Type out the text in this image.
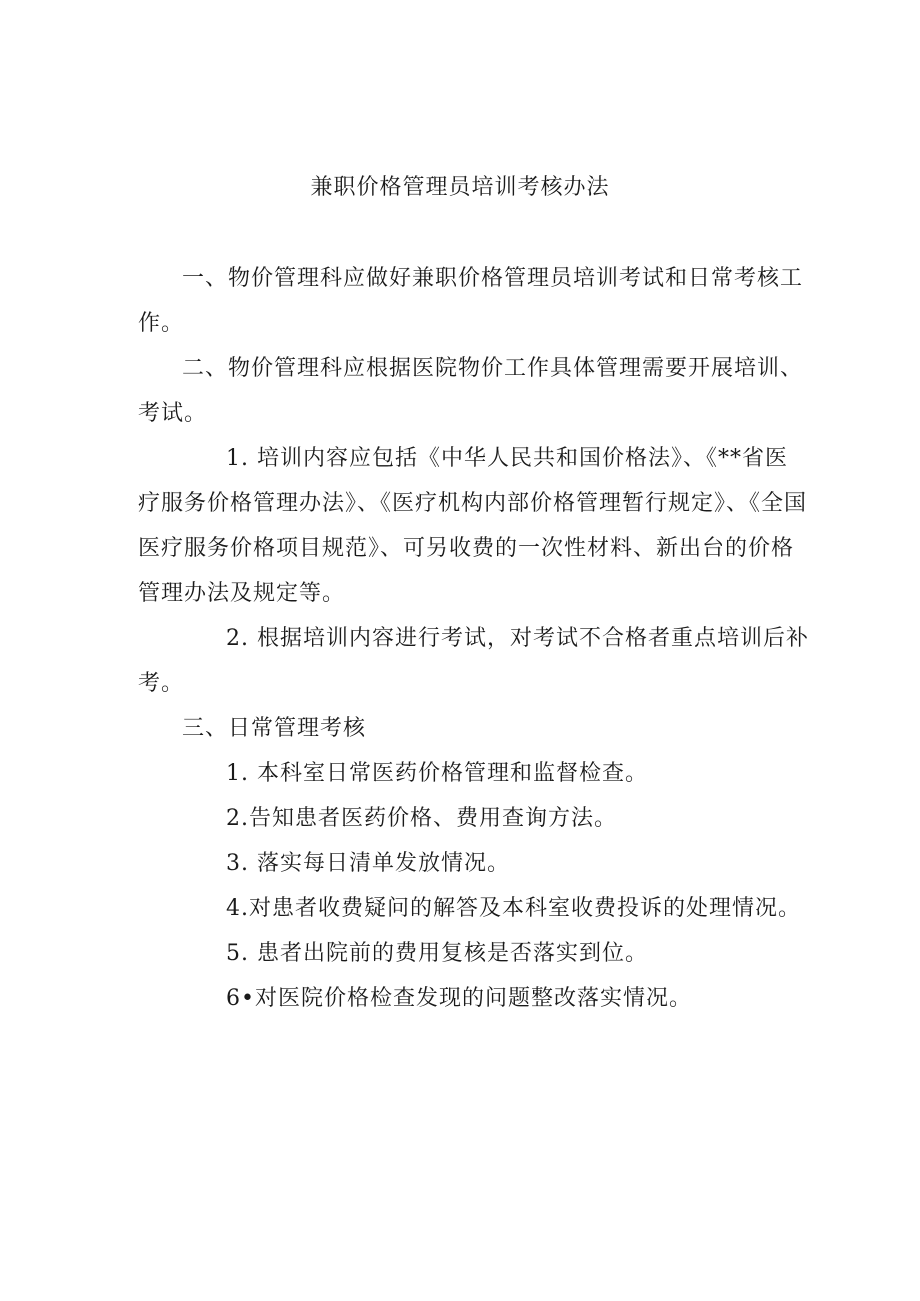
兼职价格管理员培训考核办法

一、物价管理科应做好兼职价格管理员培训考试和日常考核工作。

二、物价管理科应根据医院物价工作具体管理需要开展培训、考试。

1. 培训内容应包括《中华人民共和国价格法》、《**省医疗服务价格管理办法》、《医疗机构内部价格管理暂行规定》、《全国医疗服务价格项目规范》、可另收费的一次性材料、新出台的价格管理办法及规定等。

2. 根据培训内容进行考试，对考试不合格者重点培训后补考。

三、日常管理考核

1. 本科室日常医药价格管理和监督检查。

2.告知患者医药价格、费用查询方法。

3. 落实每日清单发放情况。

4.对患者收费疑问的解答及本科室收费投诉的处理情况。

5. 患者出院前的费用复核是否落实到位。

6•对医院价格检查发现的问题整改落实情况。
